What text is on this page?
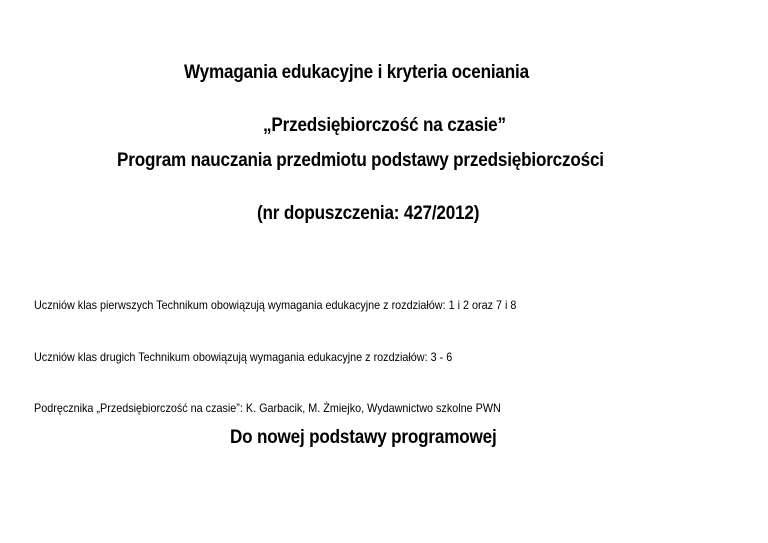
Wymagania edukacyjne i kryteria oceniania
„Przedsiębiorczość na czasie”
Program nauczania przedmiotu podstawy przedsiębiorczości
(nr dopuszczenia: 427/2012)
Uczniów klas pierwszych Technikum obowiązują wymagania edukacyjne z rozdziałów: 1 i 2 oraz 7 i 8
Uczniów klas drugich Technikum obowiązują wymagania edukacyjne z rozdziałów: 3 - 6
Podręcznika „Przedsiębiorczość na czasie”: K. Garbacik, M. Żmiejko, Wydawnictwo szkolne PWN
Do nowej podstawy programowej
